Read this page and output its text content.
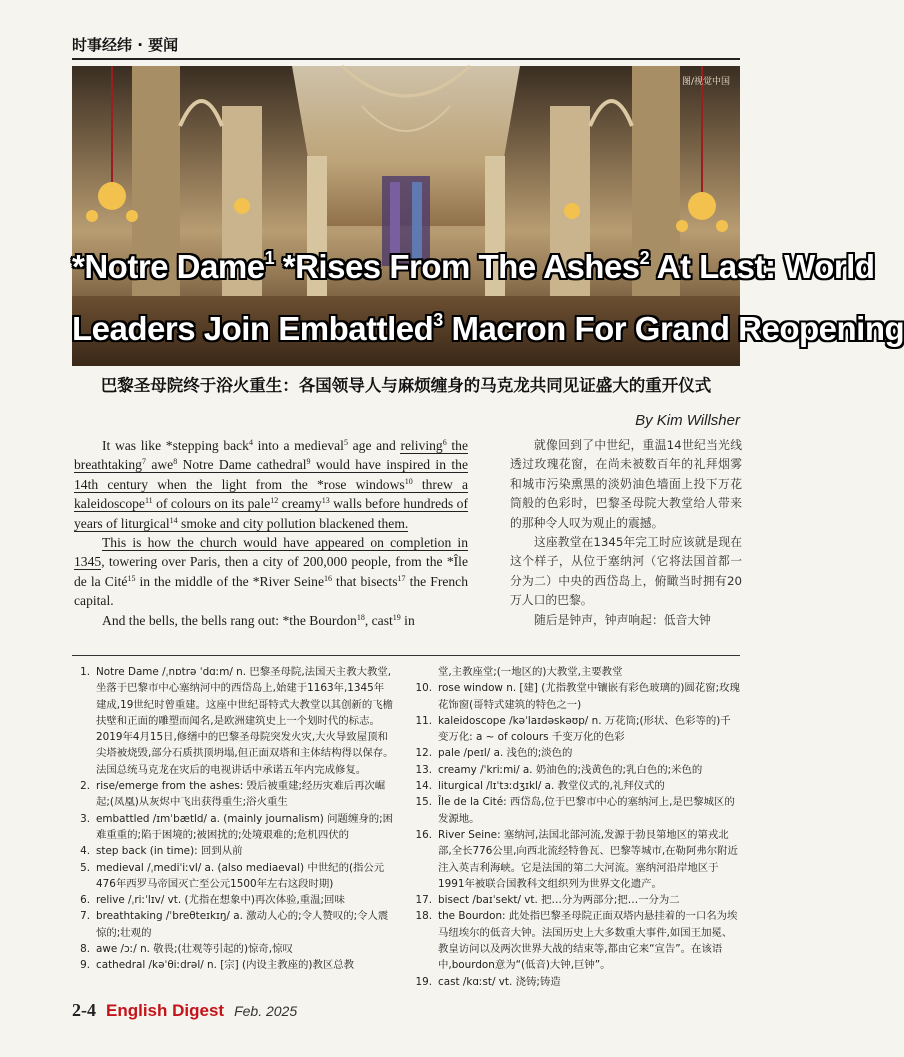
时事经纬 · 要闻
图/视觉中国
*Notre Dame$^1$ *Rises From The Ashes$^2$ At Last: World
Leaders Join Embattled$^3$ Macron For Grand Reopening
巴黎圣母院终于浴火重生：各国领导人与麻烦缠身的马克龙共同见证盛大的重开仪式
By Kim Willsher

It was like *stepping back$^4$ into a medieval$^5$ age and reliving$^6$ the breathtaking$^7$ awe$^8$ Notre Dame cathedral$^9$ would have inspired in the 14th century when the light from the *rose windows$^{10}$ threw a kaleidoscope$^{11}$ of colours on its pale$^{12}$ creamy$^{13}$ walls before hundreds of years of liturgical$^{14}$ smoke and city pollution blackened them.

This is how the church would have appeared on completion in 1345, towering over Paris, then a city of 200,000 people, from the *Île de la Cité$^{15}$ in the middle of the *River Seine$^{16}$ that bisects$^{17}$ the French capital.

And the bells, the bells rang out: *the Bourdon$^{18}$, cast$^{19}$ in

就像回到了中世纪，重温14世纪当光线透过玫瑰花窗，在尚未被数百年的礼拜烟雾和城市污染熏黑的淡奶油色墙面上投下万花筒般的色彩时，巴黎圣母院大教堂给人带来的那种令人叹为观止的震撼。

这座教堂在1345年完工时应该就是现在这个样子，从位于塞纳河（它将法国首都一分为二）中央的西岱岛上，俯瞰当时拥有20万人口的巴黎。

随后是钟声，钟声响起：低音大钟

1. Notre Dame /ˌnɒtrə ˈdɑːm/ n. 巴黎圣母院,法国天主教大教堂,坐落于巴黎市中心塞纳河中的西岱岛上,始建于1163年,1345年建成,19世纪时曾重建。这座中世纪哥特式大教堂以其创新的飞檐扶壁和正面的雕塑而闻名,是欧洲建筑史上一个划时代的标志。2019年4月15日,修缮中的巴黎圣母院突发火灾,大火导致屋顶和尖塔被烧毁,部分石质拱顶坍塌,但正面双塔和主体结构得以保存。法国总统马克龙在灾后的电视讲话中承诺五年内完成修复。
2. rise/emerge from the ashes: 毁后被重建;经历灾难后再次崛起;(凤凰)从灰烬中飞出获得重生;浴火重生
3. embattled /ɪmˈbætld/ a. (mainly journalism) 问题缠身的;困难重重的;陷于困境的;被困扰的;处境艰难的;危机四伏的
4. step back (in time): 回到从前
5. medieval /ˌmediˈiːvl/ a. (also mediaeval) 中世纪的(指公元476年西罗马帝国灭亡至公元1500年左右这段时期)
6. relive /ˌriːˈlɪv/ vt. (尤指在想象中)再次体验,重温;回味
7. breathtaking /ˈbreθteɪkɪŋ/ a. 激动人心的;令人赞叹的;令人震惊的;壮观的
8. awe /ɔː/ n. 敬畏;(壮观等引起的)惊奇,惊叹
9. cathedral /kəˈθiːdrəl/ n. [宗] (内设主教座的)教区总教
堂,主教座堂;(一地区的)大教堂,主要教堂
10. rose window n. [建] (尤指教堂中镶嵌有彩色玻璃的)圆花窗;玫瑰花饰窗(哥特式建筑的特色之一)
11. kaleidoscope /kəˈlaɪdəskəʊp/ n. 万花筒;(形状、色彩等的)千变万化: a ~ of colours 千变万化的色彩
12. pale /peɪl/ a. 浅色的;淡色的
13. creamy /ˈkriːmi/ a. 奶油色的;浅黄色的;乳白色的;米色的
14. liturgical /lɪˈtɜːdʒɪkl/ a. 教堂仪式的,礼拜仪式的
15. Île de la Cité: 西岱岛,位于巴黎市中心的塞纳河上,是巴黎城区的发源地。
16. River Seine: 塞纳河,法国北部河流,发源于勃艮第地区的第戎北部,全长776公里,向西北流经特鲁瓦、巴黎等城市,在勒阿弗尔附近注入英吉利海峡。它是法国的第二大河流。塞纳河沿岸地区于1991年被联合国教科文组织列为世界文化遗产。
17. bisect /baɪˈsekt/ vt. 把…分为两部分;把…一分为二
18. the Bourdon: 此处指巴黎圣母院正面双塔内悬挂着的一口名为埃马纽埃尔的低音大钟。法国历史上大多数重大事件,如国王加冕、教皇访问以及两次世界大战的结束等,都由它来“宣告”。在该语中,bourdon意为“(低音)大钟,巨钟”。
19. cast /kɑːst/ vt. 浇铸;铸造
2-4 English Digest Feb. 2025
